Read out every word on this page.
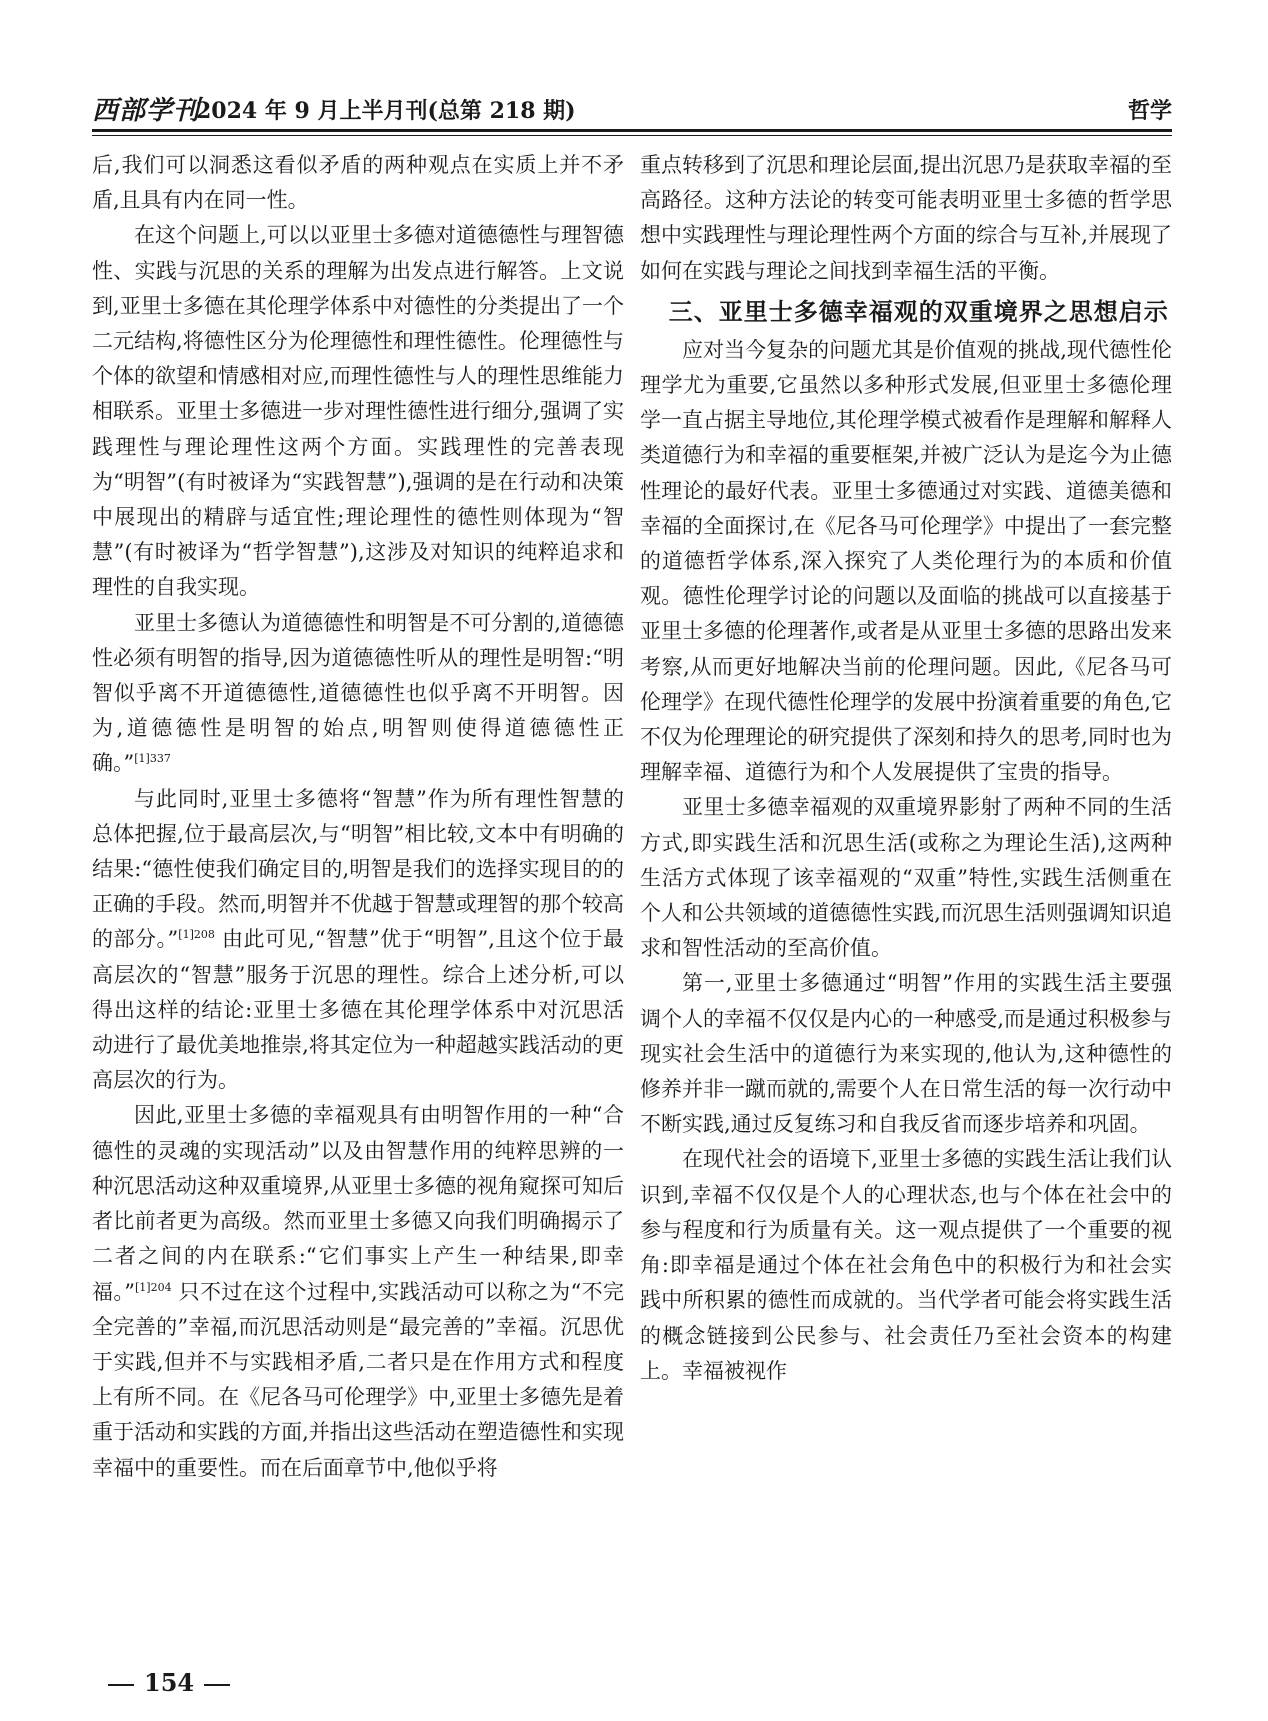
西部学刊
2024 年 9 月上半月刊(总第 218 期)	哲学

后,我们可以洞悉这看似矛盾的两种观点在实质上并不矛盾,且具有内在同一性。

在这个问题上,可以以亚里士多德对道德德性与理智德性、实践与沉思的关系的理解为出发点进行解答。上文说到,亚里士多德在其伦理学体系中对德性的分类提出了一个二元结构,将德性区分为伦理德性和理性德性。伦理德性与个体的欲望和情感相对应,而理性德性与人的理性思维能力相联系。亚里士多德进一步对理性德性进行细分,强调了实践理性与理论理性这两个方面。实践理性的完善表现为“明智”(有时被译为“实践智慧”),强调的是在行动和决策中展现出的精辟与适宜性;理论理性的德性则体现为“智慧”(有时被译为“哲学智慧”),这涉及对知识的纯粹追求和理性的自我实现。

亚里士多德认为道德德性和明智是不可分割的,道德德性必须有明智的指导,因为道德德性听从的理性是明智:“明智似乎离不开道德德性,道德德性也似乎离不开明智。因为,道德德性是明智的始点,明智则使得道德德性正确。”$^{[1]337}$

与此同时,亚里士多德将“智慧”作为所有理性智慧的总体把握,位于最高层次,与“明智”相比较,文本中有明确的结果:“德性使我们确定目的,明智是我们的选择实现目的的正确的手段。然而,明智并不优越于智慧或理智的那个较高的部分。”$^{[1]208}$ 由此可见,“智慧”优于“明智”,且这个位于最高层次的“智慧”服务于沉思的理性。综合上述分析,可以得出这样的结论:亚里士多德在其伦理学体系中对沉思活动进行了最优美地推崇,将其定位为一种超越实践活动的更高层次的行为。

因此,亚里士多德的幸福观具有由明智作用的一种“合德性的灵魂的实现活动”以及由智慧作用的纯粹思辨的一种沉思活动这种双重境界,从亚里士多德的视角窥探可知后者比前者更为高级。然而亚里士多德又向我们明确揭示了二者之间的内在联系:“它们事实上产生一种结果,即幸福。”$^{[1]204}$ 只不过在这个过程中,实践活动可以称之为“不完全完善的”幸福,而沉思活动则是“最完善的”幸福。沉思优于实践,但并不与实践相矛盾,二者只是在作用方式和程度上有所不同。在《尼各马可伦理学》中,亚里士多德先是着重于活动和实践的方面,并指出这些活动在塑造德性和实现幸福中的重要性。而在后面章节中,他似乎将

重点转移到了沉思和理论层面,提出沉思乃是获取幸福的至高路径。这种方法论的转变可能表明亚里士多德的哲学思想中实践理性与理论理性两个方面的综合与互补,并展现了如何在实践与理论之间找到幸福生活的平衡。

三、亚里士多德幸福观的双重境界之思想启示

应对当今复杂的问题尤其是价值观的挑战,现代德性伦理学尤为重要,它虽然以多种形式发展,但亚里士多德伦理学一直占据主导地位,其伦理学模式被看作是理解和解释人类道德行为和幸福的重要框架,并被广泛认为是迄今为止德性理论的最好代表。亚里士多德通过对实践、道德美德和幸福的全面探讨,在《尼各马可伦理学》中提出了一套完整的道德哲学体系,深入探究了人类伦理行为的本质和价值观。德性伦理学讨论的问题以及面临的挑战可以直接基于亚里士多德的伦理著作,或者是从亚里士多德的思路出发来考察,从而更好地解决当前的伦理问题。因此,《尼各马可伦理学》在现代德性伦理学的发展中扮演着重要的角色,它不仅为伦理理论的研究提供了深刻和持久的思考,同时也为理解幸福、道德行为和个人发展提供了宝贵的指导。

亚里士多德幸福观的双重境界影射了两种不同的生活方式,即实践生活和沉思生活(或称之为理论生活),这两种生活方式体现了该幸福观的“双重”特性,实践生活侧重在个人和公共领域的道德德性实践,而沉思生活则强调知识追求和智性活动的至高价值。

第一,亚里士多德通过“明智”作用的实践生活主要强调个人的幸福不仅仅是内心的一种感受,而是通过积极参与现实社会生活中的道德行为来实现的,他认为,这种德性的修养并非一蹴而就的,需要个人在日常生活的每一次行动中不断实践,通过反复练习和自我反省而逐步培养和巩固。

在现代社会的语境下,亚里士多德的实践生活让我们认识到,幸福不仅仅是个人的心理状态,也与个体在社会中的参与程度和行为质量有关。这一观点提供了一个重要的视角:即幸福是通过个体在社会角色中的积极行为和社会实践中所积累的德性而成就的。当代学者可能会将实践生活的概念链接到公民参与、社会责任乃至社会资本的构建上。幸福被视作

154
